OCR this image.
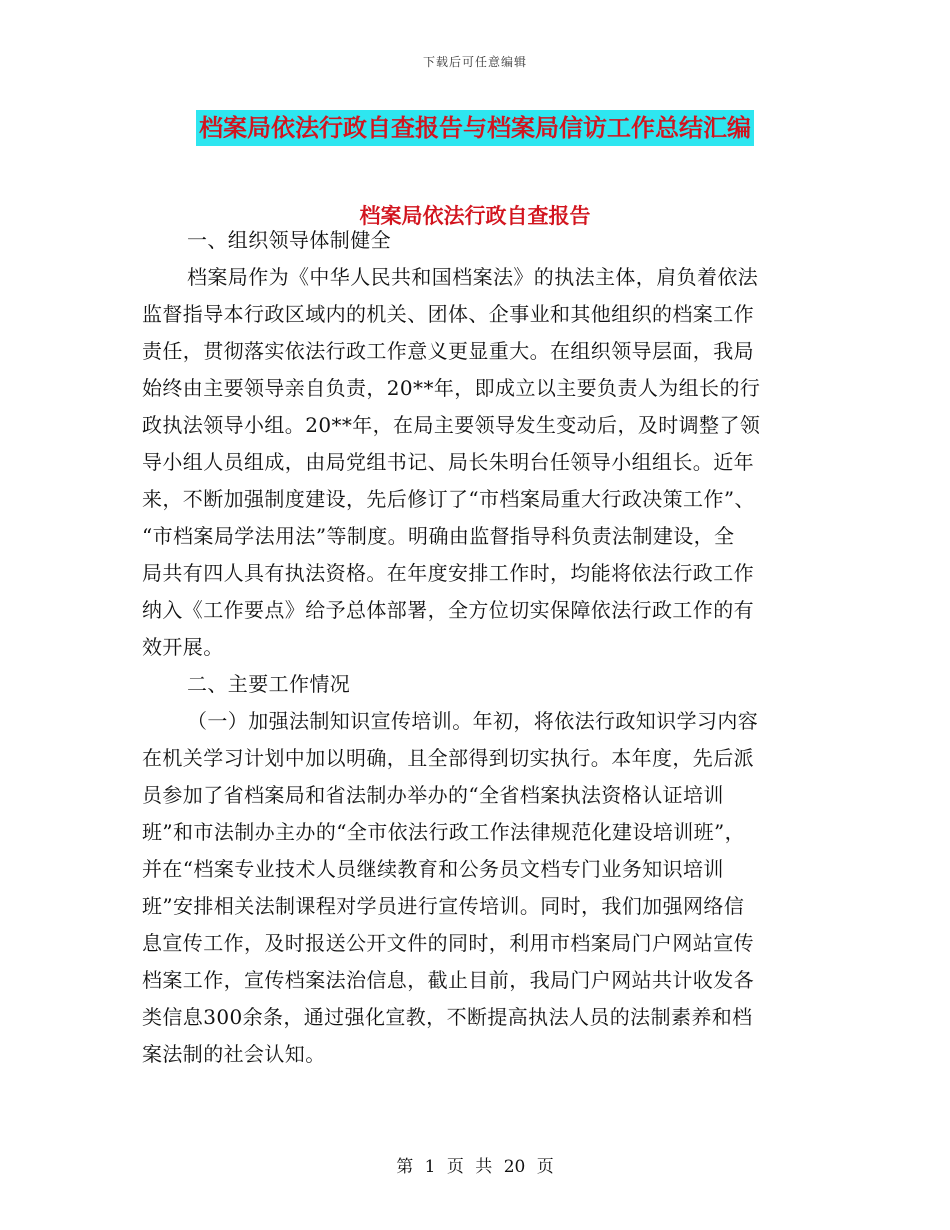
下载后可任意编辑
档案局依法行政自查报告与档案局信访工作总结汇编
档案局依法行政自查报告
一、组织领导体制健全
档案局作为《中华人民共和国档案法》的执法主体，肩负着依法
监督指导本行政区域内的机关、团体、企事业和其他组织的档案工作
责任，贯彻落实依法行政工作意义更显重大。在组织领导层面，我局
始终由主要领导亲自负责，20**年，即成立以主要负责人为组长的行
政执法领导小组。20**年，在局主要领导发生变动后，及时调整了领
导小组人员组成，由局党组书记、局长朱明台任领导小组组长。近年
来，不断加强制度建设，先后修订了“市档案局重大行政决策工作”、
“市档案局学法用法”等制度。明确由监督指导科负责法制建设，全
局共有四人具有执法资格。在年度安排工作时，均能将依法行政工作
纳入《工作要点》给予总体部署，全方位切实保障依法行政工作的有
效开展。
二、主要工作情况
（一）加强法制知识宣传培训。年初，将依法行政知识学习内容
在机关学习计划中加以明确，且全部得到切实执行。本年度，先后派
员参加了省档案局和省法制办举办的“全省档案执法资格认证培训
班”和市法制办主办的“全市依法行政工作法律规范化建设培训班”，
并在“档案专业技术人员继续教育和公务员文档专门业务知识培训
班”安排相关法制课程对学员进行宣传培训。同时，我们加强网络信
息宣传工作，及时报送公开文件的同时，利用市档案局门户网站宣传
档案工作，宣传档案法治信息，截止目前，我局门户网站共计收发各
类信息300余条，通过强化宣教，不断提高执法人员的法制素养和档
案法制的社会认知。
第 1 页 共 20 页
